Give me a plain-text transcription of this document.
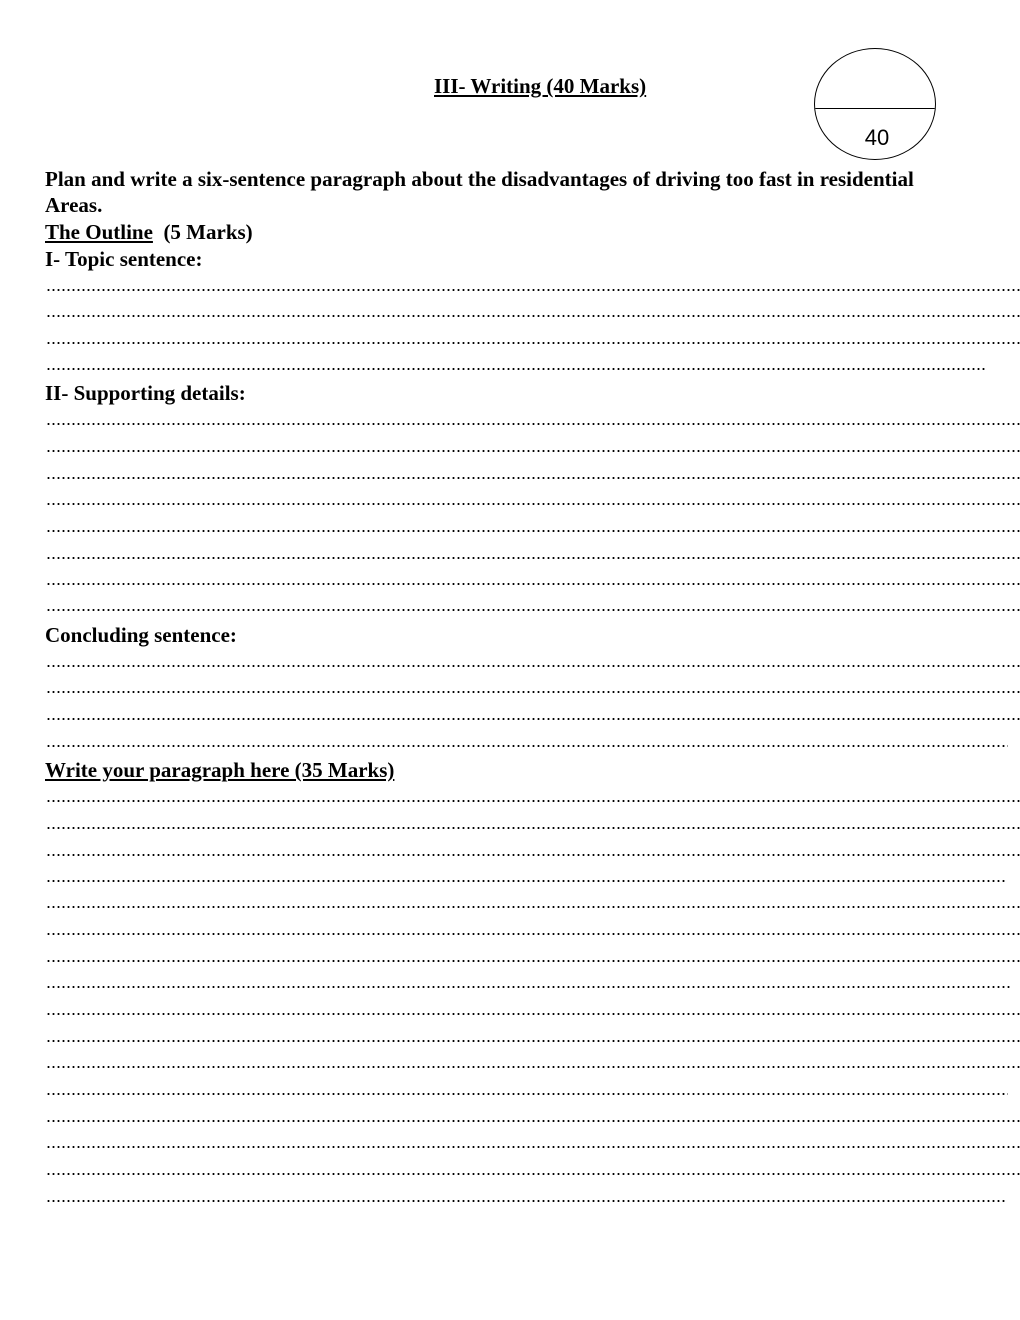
III- Writing (40 Marks)
40
Plan and write a six-sentence paragraph about the disadvantages of driving too fast in residential Areas.
The Outline (5 Marks)
I- Topic sentence:
II- Supporting details:
Concluding sentence:
Write your paragraph here (35 Marks)
